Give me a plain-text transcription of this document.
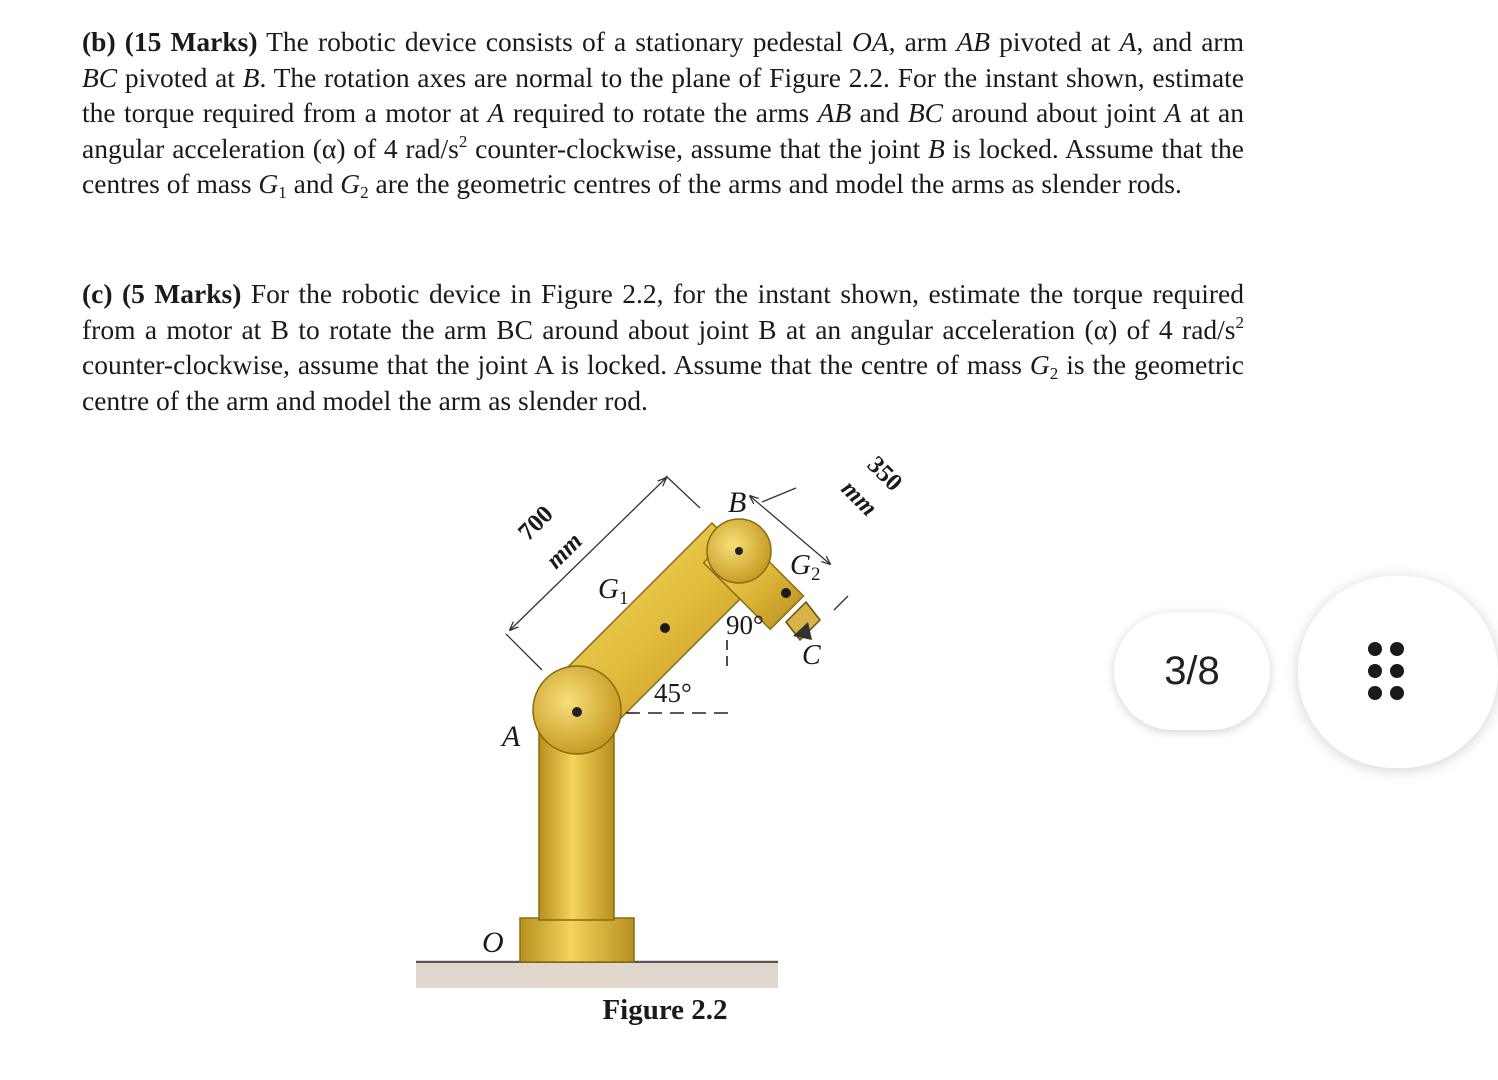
(b) (15 Marks) The robotic device consists of a stationary pedestal OA, arm AB pivoted at A, and arm BC pivoted at B. The rotation axes are normal to the plane of Figure 2.2. For the instant shown, estimate the torque required from a motor at A required to rotate the arms AB and BC around about joint A at an angular acceleration (α) of 4 rad/$s^2$ counter-clockwise, assume that the joint B is locked. Assume that the centres of mass $G_1$ and $G_2$ are the geometric centres of the arms and model the arms as slender rods.
(c) (5 Marks) For the robotic device in Figure 2.2, for the instant shown, estimate the torque required from a motor at B to rotate the arm BC around about joint B at an angular acceleration (α) of 4 rad/$s^2$ counter-clockwise, assume that the joint A is locked. Assume that the centre of mass $G_2$ is the geometric centre of the arm and model the arm as slender rod.
O
A
B
C
$G_1$
$G_2$
45°
90°
700
mm
350
mm
Figure 2.2
3/8
